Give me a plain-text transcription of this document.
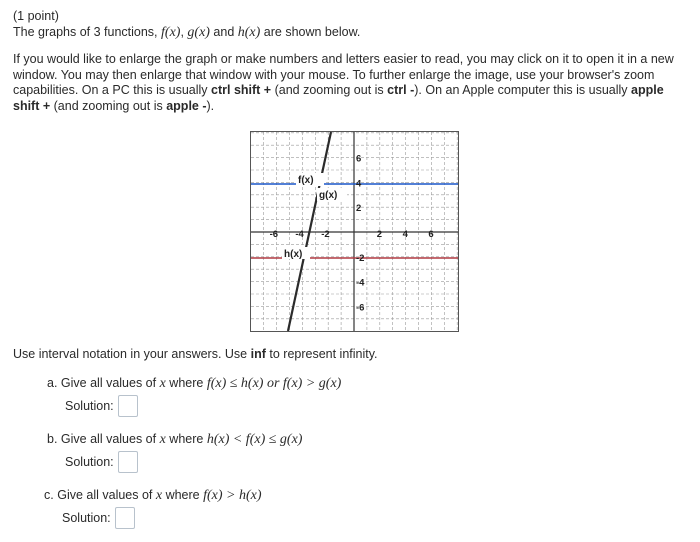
(1 point)
The graphs of 3 functions, f(x), g(x) and h(x) are shown below.
If you would like to enlarge the graph or make numbers and letters easier to read, you may click on it to open it in a new window. You may then enlarge that window with your mouse. To further enlarge the image, use your browser's zoom capabilities. On a PC this is usually ctrl shift + (and zooming out is ctrl -). On an Apple computer this is usually apple shift + (and zooming out is apple -).
-6 -4 -2	2 4 6
6
4
2
-2
-4
-6
f(x)
g(x)
h(x)
Use interval notation in your answers. Use inf to represent infinity.
a. Give all values of x where f(x) ≤ h(x) or f(x) > g(x)
Solution:
b. Give all values of x where h(x) < f(x) ≤ g(x)
Solution:
c. Give all values of x where f(x) > h(x)
Solution:
